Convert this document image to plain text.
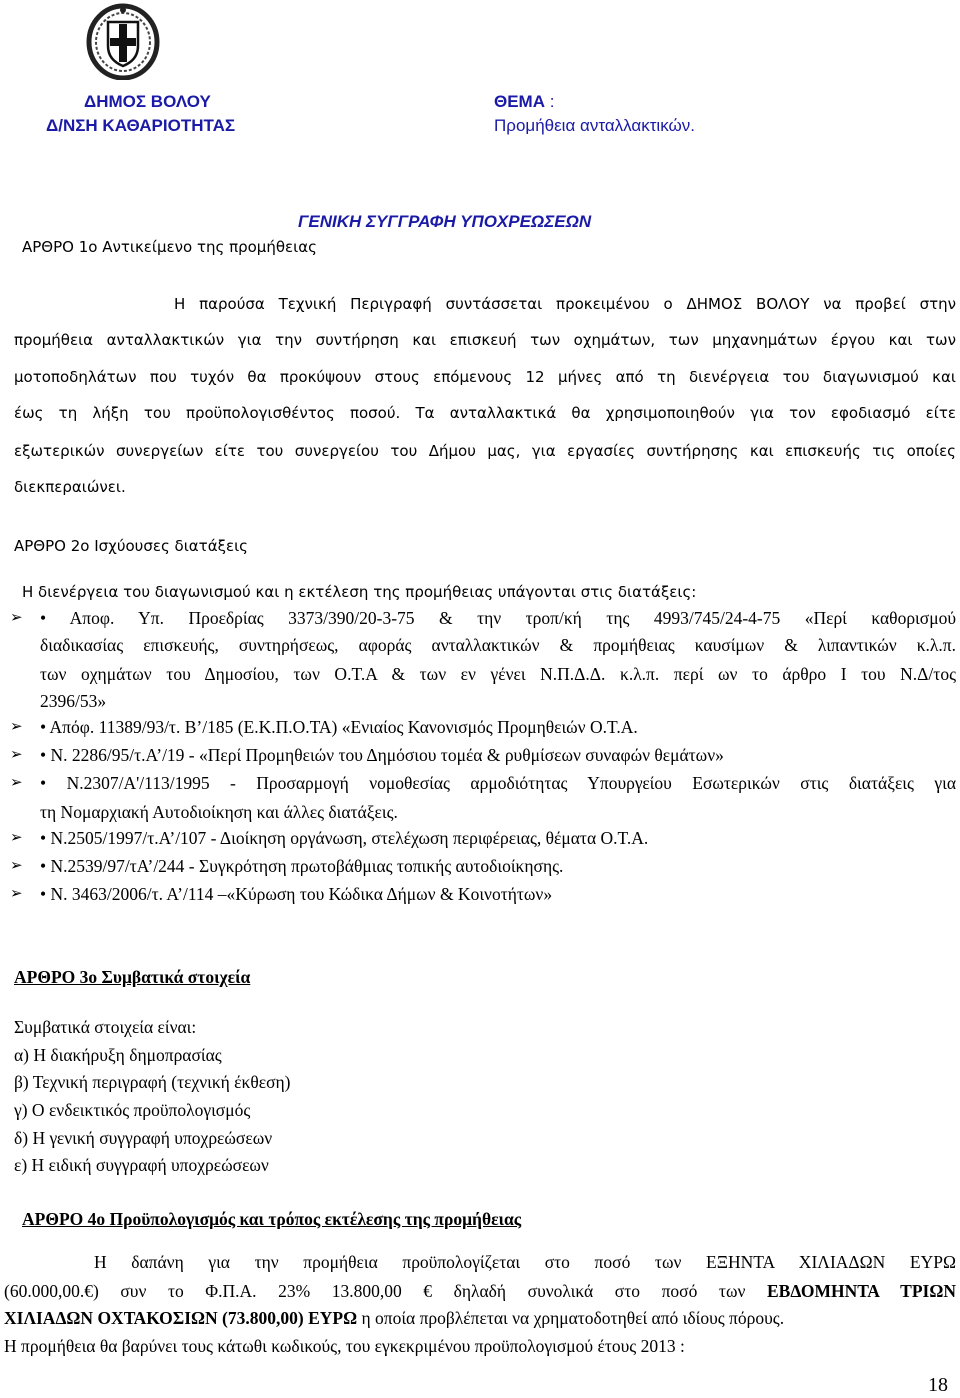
ΔΗΜΟΣ ΒΟΛΟΥ
Δ/ΝΣΗ ΚΑΘΑΡΙΟΤΗΤΑΣ
ΘΕΜΑ :
Προμήθεια ανταλλακτικών.
ΓΕΝΙΚΗ ΣΥΓΓΡΑΦΗ ΥΠΟΧΡΕΩΣΕΩΝ
ΑΡΘΡΟ 1ο Αντικείμενο της προμήθειας
Η παρούσα Τεχνική Περιγραφή συντάσσεται προκειμένου ο ΔΗΜΟΣ ΒΟΛΟΥ να προβεί στην
προμήθεια ανταλλακτικών για την συντήρηση και επισκευή των οχημάτων, των μηχανημάτων έργου και των
μοτοποδηλάτων που τυχόν θα προκύψουν στους επόμενους 12 μήνες από τη διενέργεια του διαγωνισμού και
έως τη λήξη του προϋπολογισθέντος ποσού. Τα ανταλλακτικά θα χρησιμοποιηθούν για τον εφοδιασμό είτε
εξωτερικών συνεργείων είτε του συνεργείου του Δήμου μας, για εργασίες συντήρησης και επισκευής τις οποίες
διεκπεραιώνει.
ΑΡΘΡΟ 2ο Ισχύουσες διατάξεις
Η διενέργεια του διαγωνισμού και η εκτέλεση της προμήθειας υπάγονται στις διατάξεις:
➢ • Αποφ. Υπ. Προεδρίας 3373/390/20-3-75 & την τροπ/κή της 4993/745/24-4-75 «Περί καθορισμού
διαδικασίας επισκευής, συντηρήσεως, αφοράς ανταλλακτικών & προμήθειας καυσίμων & λιπαντικών κ.λ.π.
των οχημάτων του Δημοσίου, των Ο.Τ.Α & των εν γένει Ν.Π.Δ.Δ. κ.λ.π. περί ων το άρθρο Ι του Ν.Δ/τος
2396/53»
➢ • Απόφ. 11389/93/τ. Β’/185 (Ε.Κ.Π.Ο.ΤΑ) «Ενιαίος Κανονισμός Προμηθειών Ο.Τ.Α.
➢ • Ν. 2286/95/τ.Α’/19 - «Περί Προμηθειών του Δημόσιου τομέα & ρυθμίσεων συναφών θεμάτων»
➢ • Ν.2307/Α'/113/1995 - Προσαρμογή νομοθεσίας αρμοδιότητας Υπουργείου Εσωτερικών στις διατάξεις για
τη Νομαρχιακή Αυτοδιοίκηση και άλλες διατάξεις.
➢ • Ν.2505/1997/τ.Α’/107 - Διοίκηση οργάνωση, στελέχωση περιφέρειας, θέματα Ο.Τ.Α.
➢ • Ν.2539/97/τΑ’/244 - Συγκρότηση πρωτοβάθμιας τοπικής αυτοδιοίκησης.
➢ • Ν. 3463/2006/τ. Α’/114 –«Κύρωση του Κώδικα Δήμων & Κοινοτήτων»
ΑΡΘΡΟ 3ο Συμβατικά στοιχεία
Συμβατικά στοιχεία είναι:
α) Η διακήρυξη δημοπρασίας
β) Τεχνική περιγραφή (τεχνική έκθεση)
γ) Ο ενδεικτικός προϋπολογισμός
δ) Η γενική συγγραφή υποχρεώσεων
ε) Η ειδική συγγραφή υποχρεώσεων
ΑΡΘΡΟ 4ο Προϋπολογισμός και τρόπος εκτέλεσης της προμήθειας
Η δαπάνη για την προμήθεια προϋπολογίζεται στο ποσό των ΕΞΗΝΤΑ ΧΙΛΙΑΔΩΝ ΕΥΡΩ
(60.000,00.€) συν το Φ.Π.Α. 23% 13.800,00 € δηλαδή συνολικά στο ποσό των ΕΒΔΟΜΗΝΤΑ ΤΡΙΩΝ
ΧΙΛΙΑΔΩΝ ΟΧΤΑΚΟΣΙΩΝ (73.800,00) ΕΥΡΩ η οποία προβλέπεται να χρηματοδοτηθεί από ιδίους πόρους.
Η προμήθεια θα βαρύνει τους κάτωθι κωδικούς, του εγκεκριμένου προϋπολογισμού έτους 2013 :
18
